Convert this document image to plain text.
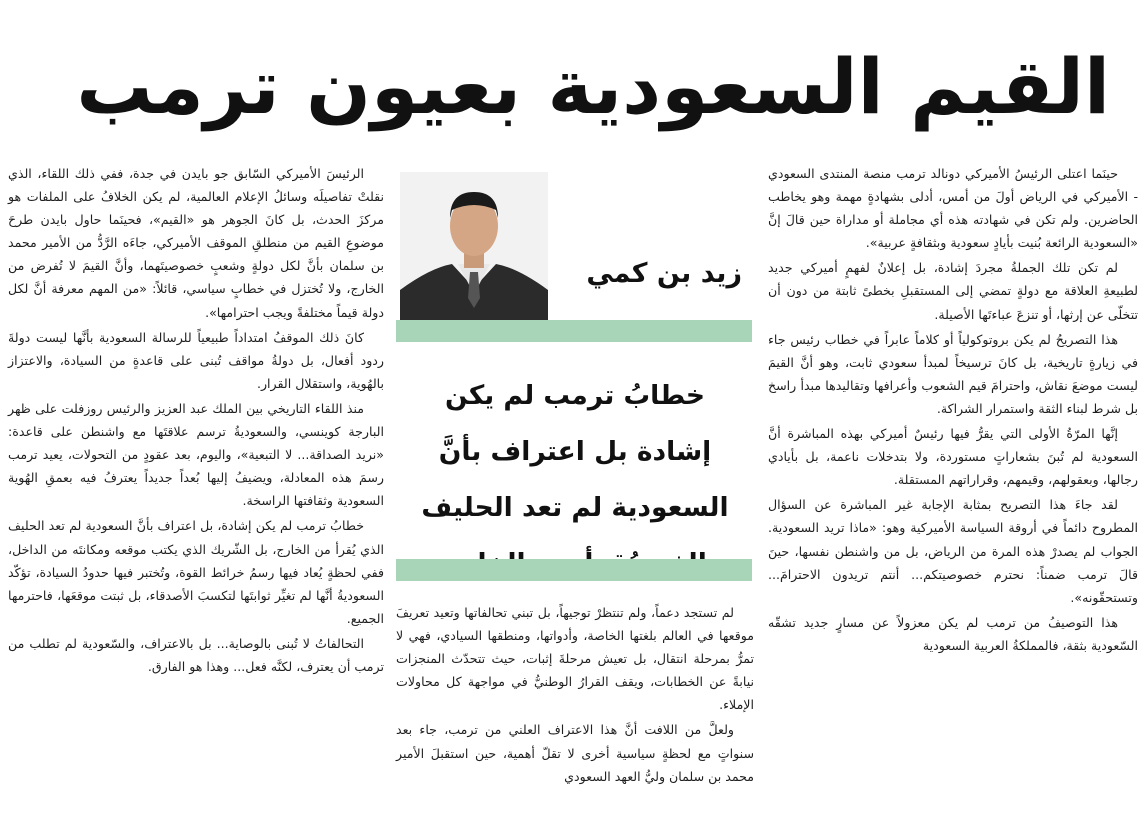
القيم السعودية بعيون ترمب

حينَما اعتلى الرئيسُ الأميركي دونالد ترمب منصة المنتدى السعودي - الأميركي في الرياض أولَ من أمس، أدلى بشهادةٍ مهمة وهو يخاطب الحاضرين. ولم تكن في شهادته هذه أي مجاملة أو مداراة حين قالَ إنَّ «السعودية الرائعة بُنيت بأيادٍ سعودية وبثقافةٍ عربية».

لم تكن تلك الجملةُ مجردَ إشادة، بل إعلانٌ لفهمٍ أميركي جديد لطبيعةِ العلاقة مع دولةٍ تمضي إلى المستقبلِ بخطىً ثابتة من دون أن تتخلّى عن إرثها، أو تنزعَ عباءتَها الأصيلة.

هذا التصريحُ لم يكن بروتوكولياً أو كلاماً عابراً في خطاب رئيس جاء في زيارةٍ تاريخية، بل كانَ ترسيخاً لمبدأ سعودي ثابت، وهو أنَّ القيمَ ليست موضعَ نقاش، واحترامَ قيم الشعوب وأعرافها وتقاليدها مبدأ راسخ بل شرط لبناء الثقة واستمرار الشراكة.

إنَّها المرّةُ الأولى التي يقرُّ فيها رئيسٌ أميركي بهذه المباشرة أنَّ السعودية لم تُبنَ بشعاراتٍ مستوردة، ولا بتدخلات ناعمة، بل بأيادي رجالها، وبعقولهم، وقيمهم، وقراراتهم المستقلة.

لقد جاءَ هذا التصريح بمثابة الإجابة غير المباشرة عن السؤال المطروح دائماً في أروقة السياسة الأميركية وهو: «ماذا تريد السعودية. الجواب لم يصدرْ هذه المرة من الرياض، بل من واشنطن نفسها، حينَ قالَ ترمب ضمناً: نحترم خصوصيتكم... أنتم تريدون الاحترامَ... وتستحقّونه».

هذا التوصيفُ من ترمب لم يكن معزولاً عن مسارٍ جديد تشقّه السّعودية بثقة، فالمملكةُ العربية السعودية

زيد بن كمي
خطابُ ترمب لم يكن إشادة بل اعتراف بأنَّ السعودية لم تعد الحليف

لم تستجد دعماً، ولم تنتظرْ توجيهاً، بل تبني تحالفاتها وتعيد تعريفَ موقعها في العالم بلغتها الخاصة، وأدواتها، ومنطقها السيادي، فهي لا تمرُّ بمرحلة انتقال، بل تعيش مرحلةَ إثبات، حيث تتحدّث المنجزات نيابةً عن الخطابات، ويقف القرارُ الوطنيُّ في مواجهة كل محاولات الإملاء.

ولعلَّ من اللافت أنَّ هذا الاعتراف العلني من ترمب، جاء بعد سنواتٍ مع لحظةٍ سياسية أخرى لا تقلّ أهمية، حين استقبلَ الأمير محمد بن سلمان وليُّ العهد السعودي

الرئيسَ الأميركي السّابق جو بايدن في جدة، ففي ذلك اللقاء، الذي نقلتْ تفاصيلَه وسائلُ الإعلام العالمية، لم يكن الخلافُ على الملفات هو مركزَ الحدث، بل كانَ الجوهر هو «القيم»، فحينَما حاول بايدن طرحَ موضوعِ القيم من منطلقِ الموقف الأميركي، جاءَه الرَّدُّ من الأمير محمد بن سلمان بأنَّ لكل دولةٍ وشعبٍ خصوصيتَهما، وأنَّ القيمَ لا تُفرض من الخارج، ولا تُختزل في خطابٍ سياسي، قائلاً: «من المهم معرفة أنَّ لكل دولة قيماً مختلفةً ويجب احترامها».

كانَ ذلك الموقفُ امتداداً طبيعياً للرسالة السعودية بأنَّها ليست دولةَ ردود أفعال، بل دولةُ مواقف تُبنى على قاعدةٍ من السيادة، والاعتزاز بالهُوية، واستقلال القرار.

منذ اللقاء التاريخي بين الملك عبد العزيز والرئيس روزفلت على ظهر البارجة كوينسي، والسعوديةُ ترسم علاقتَها مع واشنطن على قاعدة: «نريد الصداقة... لا التبعية»، واليوم، بعد عقودٍ من التحولات، يعيد ترمب رسمَ هذه المعادلة، ويضيفُ إليها بُعداً جديداً يعترفُ فيه بعمقِ الهُوية السعودية وثقافتها الراسخة.

خطابُ ترمب لم يكن إشادة، بل اعتراف بأنَّ السعودية لم تعد الحليف الذي يُقرأ من الخارج، بل الشّريك الذي يكتب موقعه ومكانتَه من الداخل، ففي لحظةٍ يُعاد فيها رسمُ خرائط القوة، وتُختبر فيها حدودُ السيادة، تؤكّد السعوديةُ أنَّها لم تغيِّر ثوابتَها لتكسبَ الأصدقاء، بل ثبتت موقعَها، فاحترمها الجميع.

التحالفاتُ لا تُبنى بالوصاية... بل بالاعتراف، والسّعودية لم تطلب من ترمب أن يعترف، لكنَّه فعل... وهذا هو الفارق.
